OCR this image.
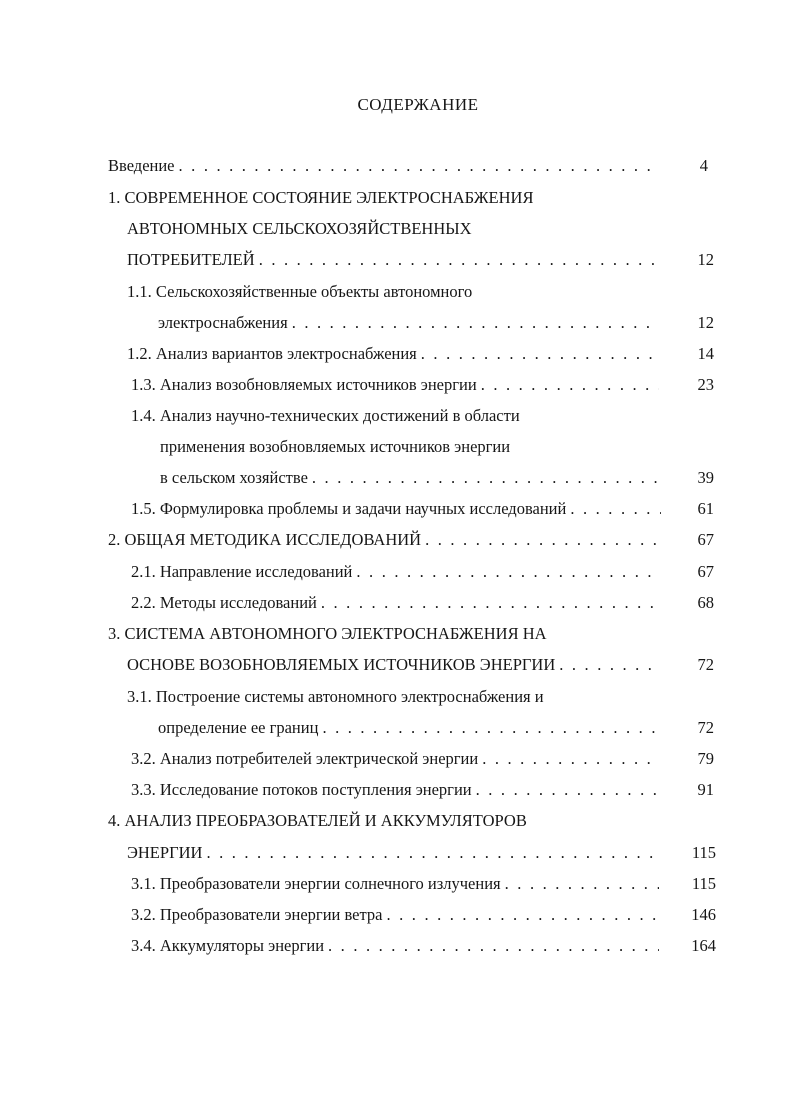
СОДЕРЖАНИЕ
Введение . . .	4
1. СОВРЕМЕННОЕ СОСТОЯНИЕ ЭЛЕКТРОСНАБЖЕНИЯ
АВТОНОМНЫХ СЕЛЬСКОХОЗЯЙСТВЕННЫХ
ПОТРЕБИТЕЛЕЙ . . .	12
1.1. Сельскохозяйственные объекты автономного
электроснабжения . . .	12
1.2. Анализ вариантов электроснабжения . . .	14
1.3. Анализ возобновляемых источников энергии . . .	23
1.4. Анализ научно-технических достижений в области
применения возобновляемых источников энергии
в сельском хозяйстве . . .	39
1.5. Формулировка проблемы и задачи научных исследований . . .	61
2. ОБЩАЯ МЕТОДИКА ИССЛЕДОВАНИЙ . . .	67
2.1. Направление исследований . . .	67
2.2. Методы исследований . . .	68
3. СИСТЕМА АВТОНОМНОГО ЭЛЕКТРОСНАБЖЕНИЯ НА
ОСНОВЕ ВОЗОБНОВЛЯЕМЫХ ИСТОЧНИКОВ ЭНЕРГИИ . . .	72
3.1. Построение системы автономного электроснабжения и
определение ее границ . . .	72
3.2. Анализ потребителей электрической энергии . . .	79
3.3. Исследование потоков поступления энергии . . .	91
4. АНАЛИЗ ПРЕОБРАЗОВАТЕЛЕЙ И АККУМУЛЯТОРОВ
ЭНЕРГИИ . . .	115
3.1. Преобразователи энергии солнечного излучения . . .	115
3.2. Преобразователи энергии ветра . . .	146
3.4. Аккумуляторы энергии . . .	164
